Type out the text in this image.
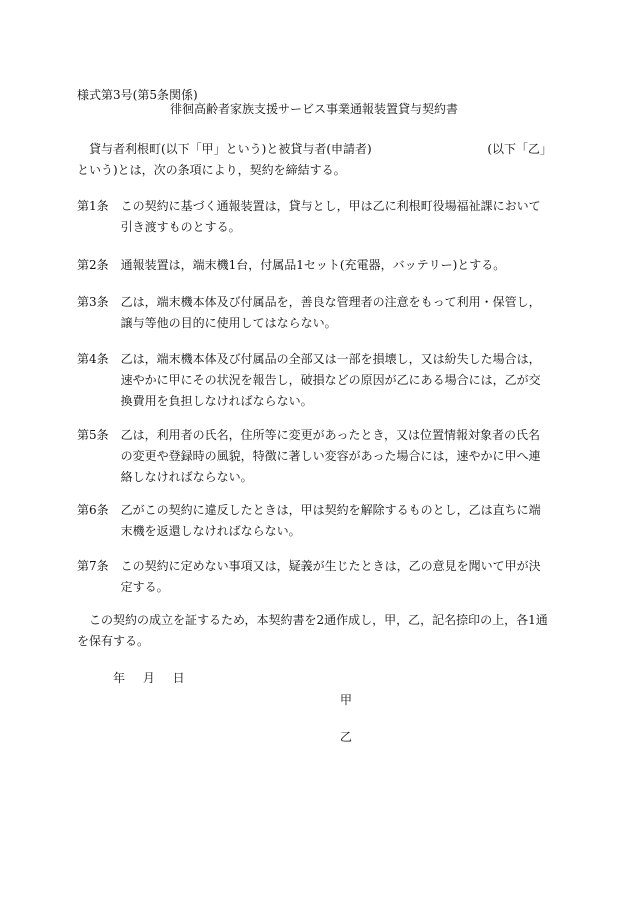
様式第3号(第5条関係)
徘徊高齢者家族支援サービス事業通報装置貸与契約書

貸与者利根町(以下「甲」という)と被貸与者(申請者)	(以下「乙」

という)とは，次の条項により，契約を締結する。

第1条	この契約に基づく通報装置は，貸与とし，甲は乙に利根町役場福祉課において引き渡すものとする。

第2条 通報装置は，端末機1台，付属品1セット(充電器，バッテリー)とする。

第3条 乙は，端末機本体及び付属品を，善良な管理者の注意をもって利用・保管し，譲与等他の目的に使用してはならない。

第4条 乙は，端末機本体及び付属品の全部又は一部を損壊し，又は紛失した場合は，速やかに甲にその状況を報告し，破損などの原因が乙にある場合には，乙が交換費用を負担しなければならない。

第5条 乙は，利用者の氏名，住所等に変更があったとき，又は位置情報対象者の氏名の変更や登録時の風貌，特徴に著しい変容があった場合には，速やかに甲へ連絡しなければならない。

第6条 乙がこの契約に違反したときは，甲は契約を解除するものとし，乙は直ちに端末機を返還しなければならない。

第7条 この契約に定めない事項又は，疑義が生じたときは，乙の意見を聞いて甲が決定する。

この契約の成立を証するため，本契約書を2通作成し，甲，乙，記名捺印の上，各1通を保有する。

年 月 日
甲
乙
